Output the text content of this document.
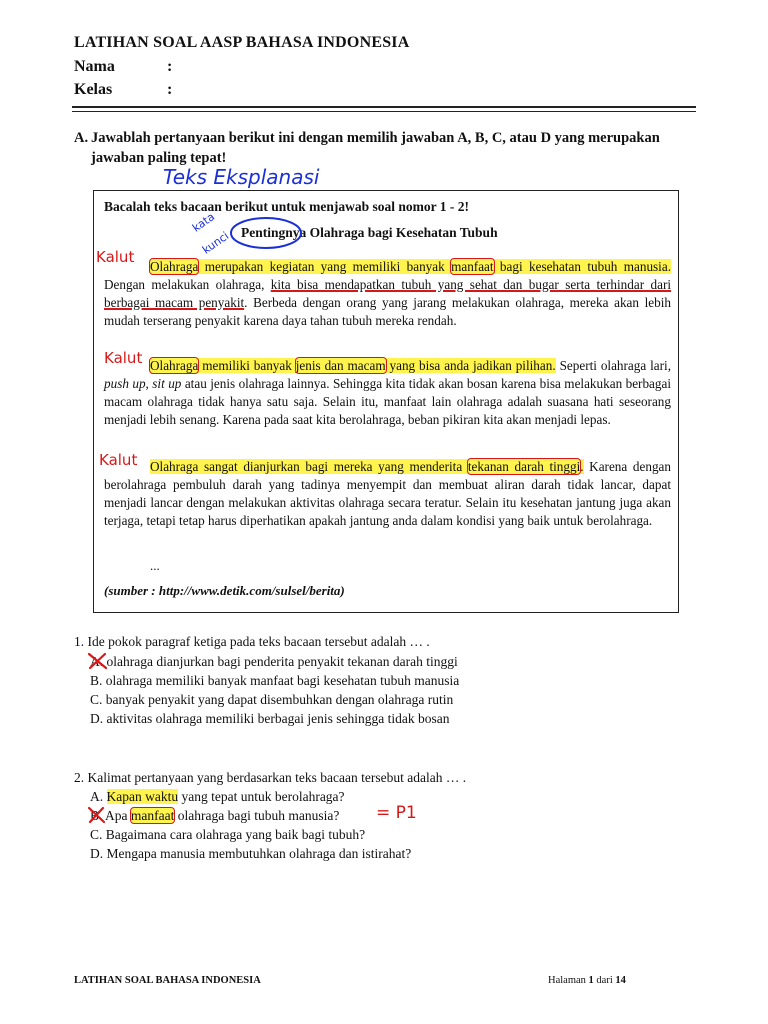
LATIHAN SOAL AASP BAHASA INDONESIA
Nama	:
Kelas	:
A. Jawablah pertanyaan berikut ini dengan memilih jawaban A, B, C, atau D yang merupakan jawaban paling tepat!
Teks Eksplanasi
Bacalah teks bacaan berikut untuk menjawab soal nomor 1 - 2!
kata
kunci Pentingnya Olahraga bagi Kesehatan Tubuh
Kalut
Olahraga merupakan kegiatan yang memiliki banyak manfaat bagi kesehatan tubuh manusia. Dengan melakukan olahraga, kita bisa mendapatkan tubuh yang sehat dan bugar serta terhindar dari berbagai macam penyakit. Berbeda dengan orang yang jarang melakukan olahraga, mereka akan lebih mudah terserang penyakit karena daya tahan tubuh mereka rendah.
Kalut Olahraga memiliki banyak jenis dan macam yang bisa anda jadikan pilihan. Seperti olahraga lari, push up, sit up atau jenis olahraga lainnya. Sehingga kita tidak akan bosan karena bisa melakukan berbagai macam olahraga tidak hanya satu saja. Selain itu, manfaat lain olahraga adalah suasana hati seseorang menjadi lebih senang. Karena pada saat kita berolahraga, beban pikiran kita akan menjadi lepas.
Kalut Olahraga sangat dianjurkan bagi mereka yang menderita tekanan darah tinggi. Karena dengan berolahraga pembuluh darah yang tadinya menyempit dan membuat aliran darah tidak lancar, dapat menjadi lancar dengan melakukan aktivitas olahraga secara teratur. Selain itu kesehatan jantung juga akan terjaga, tetapi tetap harus diperhatikan apakah jantung anda dalam kondisi yang baik untuk berolahraga.
...
(sumber : http://www.detik.com/sulsel/berita)
1. Ide pokok paragraf ketiga pada teks bacaan tersebut adalah … .
A. olahraga dianjurkan bagi penderita penyakit tekanan darah tinggi
B. olahraga memiliki banyak manfaat bagi kesehatan tubuh manusia
C. banyak penyakit yang dapat disembuhkan dengan olahraga rutin
D. aktivitas olahraga memiliki berbagai jenis sehingga tidak bosan
2. Kalimat pertanyaan yang berdasarkan teks bacaan tersebut adalah … .
A. Kapan waktu yang tepat untuk berolahraga?
B. Apa manfaat olahraga bagi tubuh manusia? = P1
C. Bagaimana cara olahraga yang baik bagi tubuh?
D. Mengapa manusia membutuhkan olahraga dan istirahat?
LATIHAN SOAL BAHASA INDONESIA	Halaman 1 dari 14
